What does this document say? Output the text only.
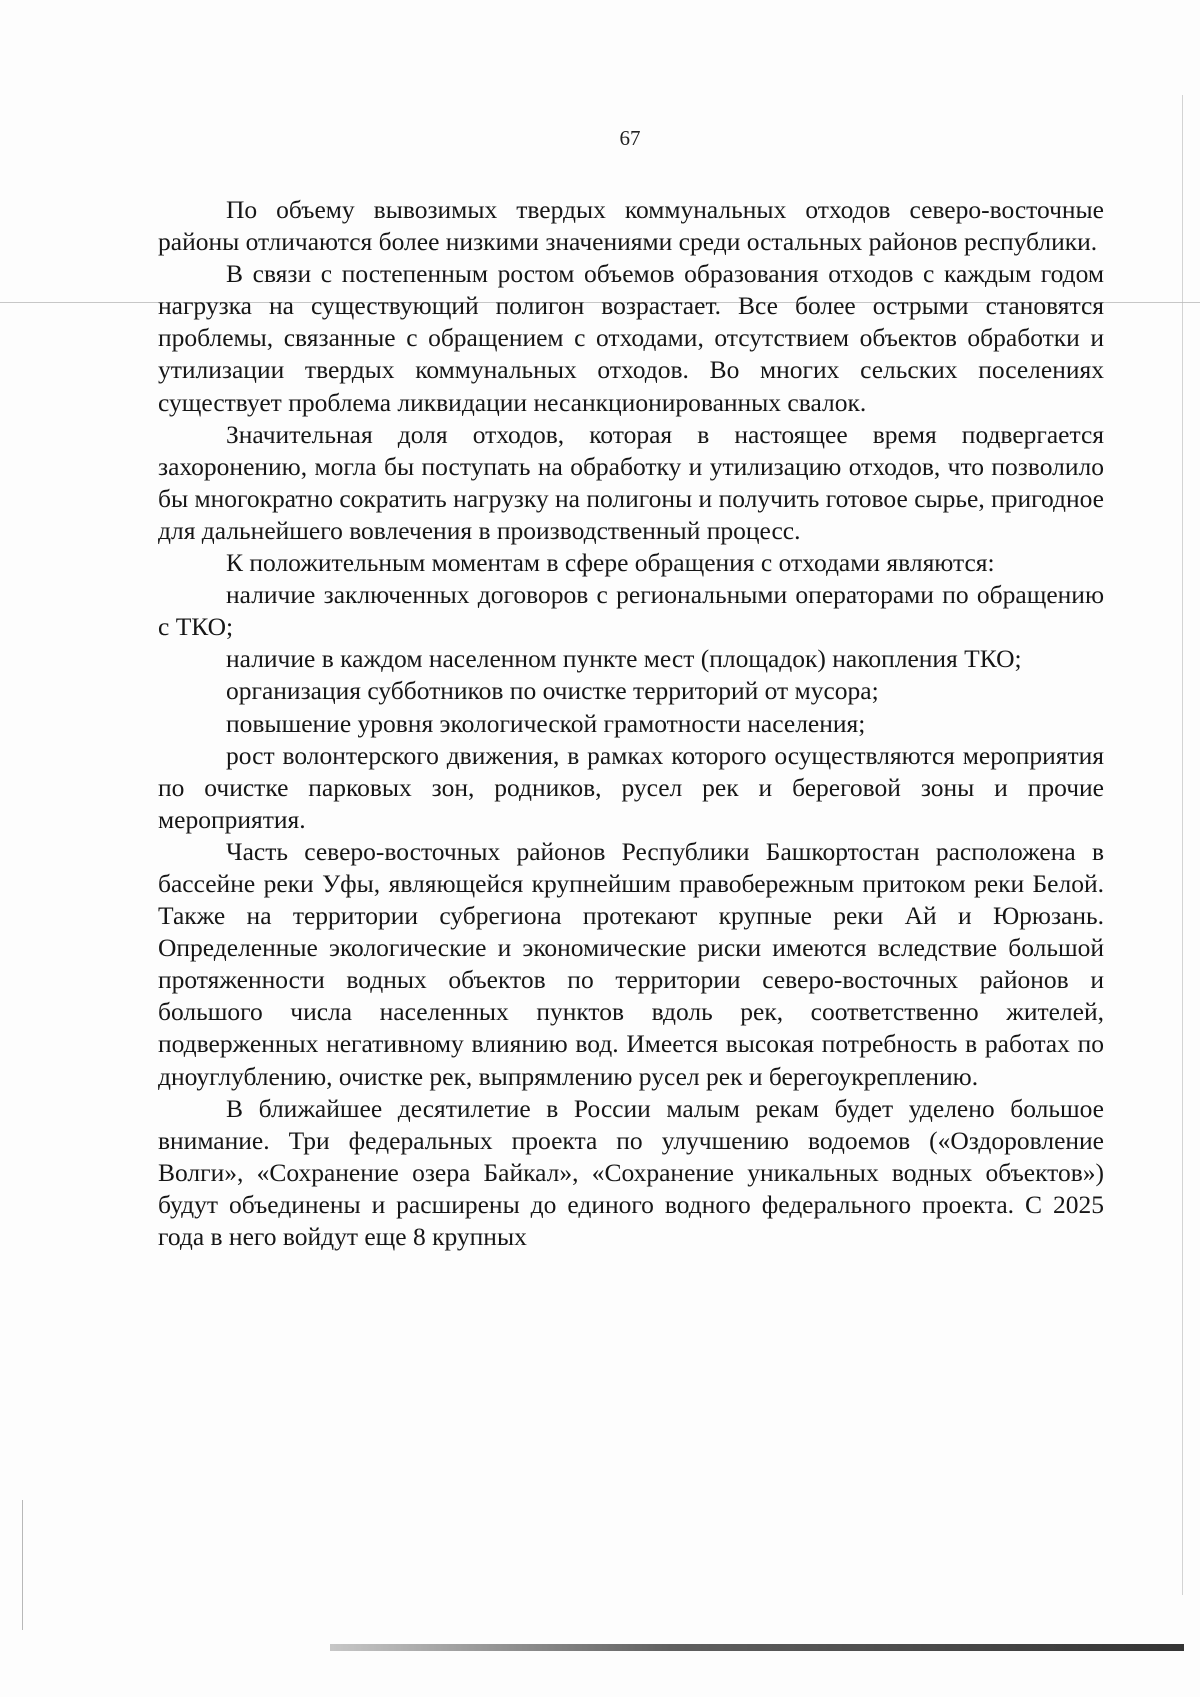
67

По объему вывозимых твердых коммунальных отходов северо-восточные районы отличаются более низкими значениями среди остальных районов республики.

В связи с постепенным ростом объемов образования отходов с каждым годом нагрузка на существующий полигон возрастает. Все более острыми становятся проблемы, связанные с обращением с отходами, отсутствием объектов обработки и утилизации твердых коммунальных отходов. Во многих сельских поселениях существует проблема ликвидации несанкционированных свалок.

Значительная доля отходов, которая в настоящее время подвергается захоронению, могла бы поступать на обработку и утилизацию отходов, что позволило бы многократно сократить нагрузку на полигоны и получить готовое сырье, пригодное для дальнейшего вовлечения в производственный процесс.

К положительным моментам в сфере обращения с отходами являются:

наличие заключенных договоров с региональными операторами по обращению с ТКО;

наличие в каждом населенном пункте мест (площадок) накопления ТКО;

организация субботников по очистке территорий от мусора;

повышение уровня экологической грамотности населения;

рост волонтерского движения, в рамках которого осуществляются мероприятия по очистке парковых зон, родников, русел рек и береговой зоны и прочие мероприятия.

Часть северо-восточных районов Республики Башкортостан расположена в бассейне реки Уфы, являющейся крупнейшим правобережным притоком реки Белой. Также на территории субрегиона протекают крупные реки Ай и Юрюзань. Определенные экологические и экономические риски имеются вследствие большой протяженности водных объектов по территории северо-восточных районов и большого числа населенных пунктов вдоль рек, соответственно жителей, подверженных негативному влиянию вод. Имеется высокая потребность в работах по дноуглублению, очистке рек, выпрямлению русел рек и берегоукреплению.

В ближайшее десятилетие в России малым рекам будет уделено большое внимание. Три федеральных проекта по улучшению водоемов («Оздоровление Волги», «Сохранение озера Байкал», «Сохранение уникальных водных объектов») будут объединены и расширены до единого водного федерального проекта. С 2025 года в него войдут еще 8 крупных
